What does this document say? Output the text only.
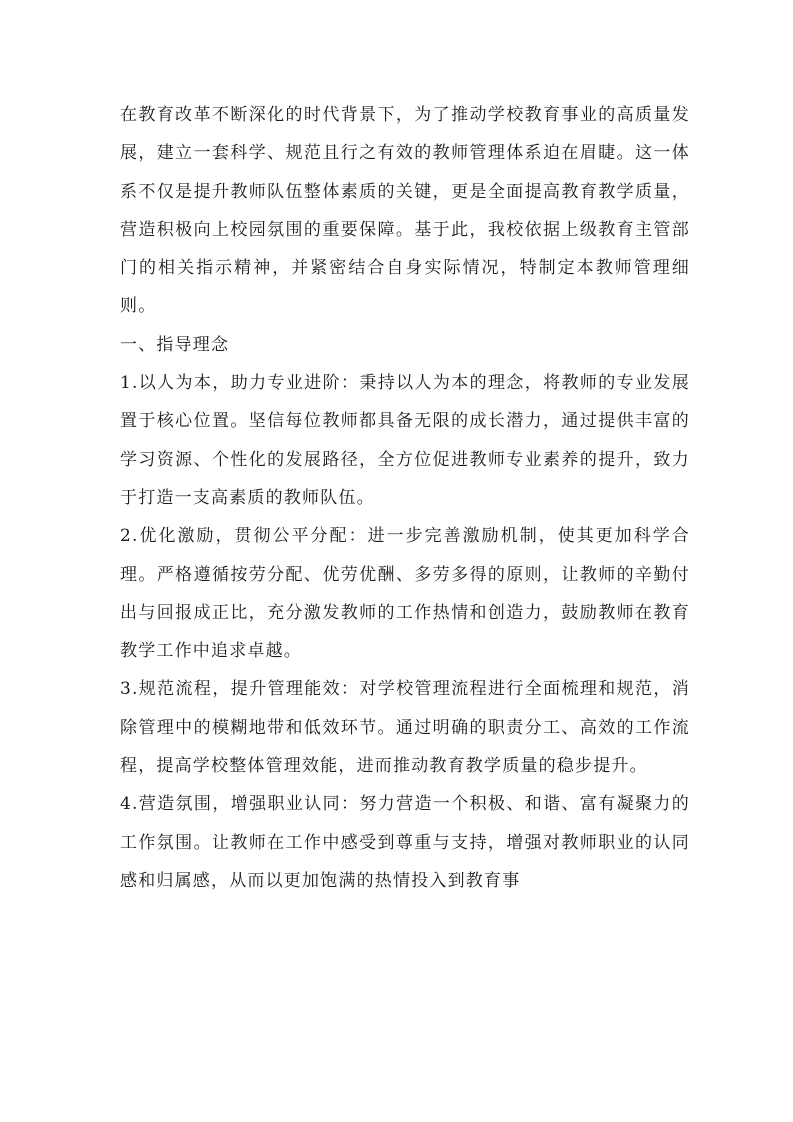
在教育改革不断深化的时代背景下，为了推动学校教育事业的高质量发展，建立一套科学、规范且行之有效的教师管理体系迫在眉睫。这一体系不仅是提升教师队伍整体素质的关键，更是全面提高教育教学质量，营造积极向上校园氛围的重要保障。基于此，我校依据上级教育主管部门的相关指示精神，并紧密结合自身实际情况，特制定本教师管理细则。

一、指导理念

1.以人为本，助力专业进阶：秉持以人为本的理念，将教师的专业发展置于核心位置。坚信每位教师都具备无限的成长潜力，通过提供丰富的学习资源、个性化的发展路径，全方位促进教师专业素养的提升，致力于打造一支高素质的教师队伍。

2.优化激励，贯彻公平分配：进一步完善激励机制，使其更加科学合理。严格遵循按劳分配、优劳优酬、多劳多得的原则，让教师的辛勤付出与回报成正比，充分激发教师的工作热情和创造力，鼓励教师在教育教学工作中追求卓越。

3.规范流程，提升管理能效：对学校管理流程进行全面梳理和规范，消除管理中的模糊地带和低效环节。通过明确的职责分工、高效的工作流程，提高学校整体管理效能，进而推动教育教学质量的稳步提升。

4.营造氛围，增强职业认同：努力营造一个积极、和谐、富有凝聚力的工作氛围。让教师在工作中感受到尊重与支持，增强对教师职业的认同感和归属感，从而以更加饱满的热情投入到教育事
